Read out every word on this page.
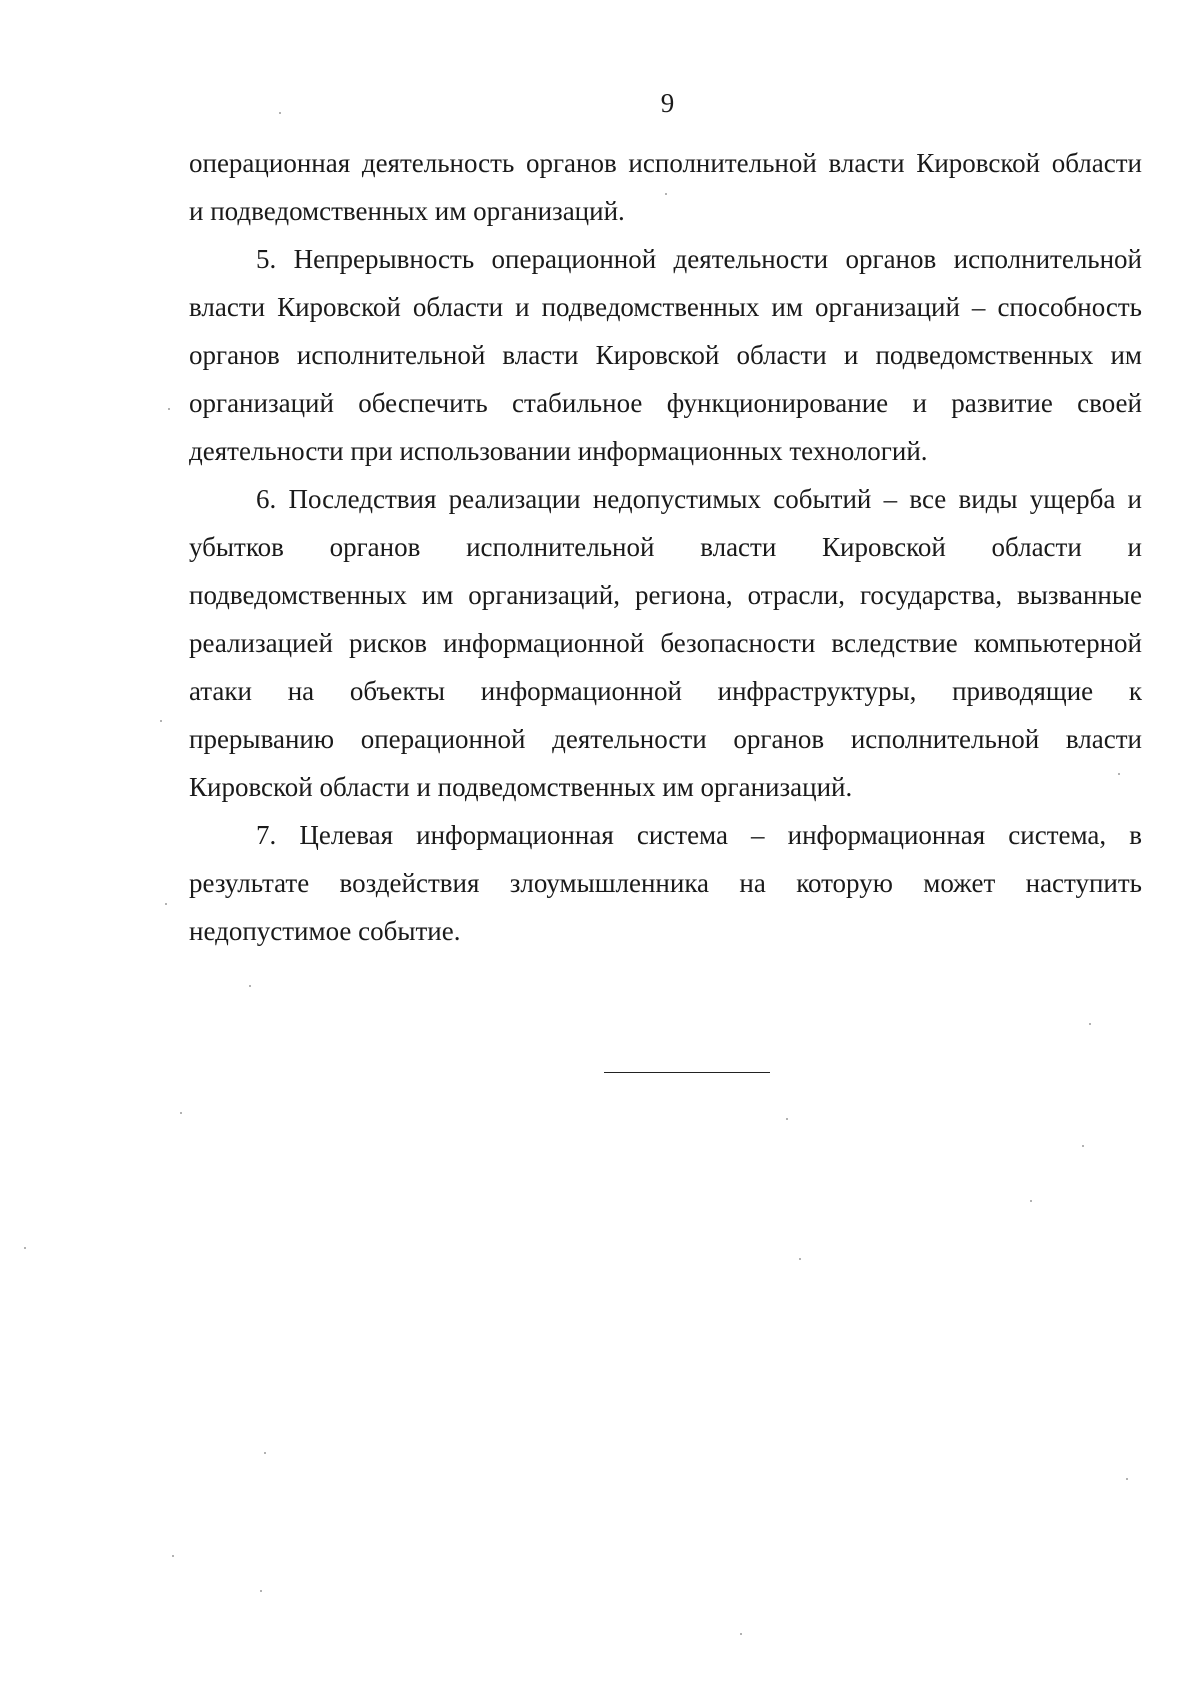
9

операционная деятельность органов исполнительной власти Кировской области
и подведомственных им организаций.

5. Непрерывность операционной деятельности органов исполнительной
власти Кировской области и подведомственных им организаций – способность
органов исполнительной власти Кировской области и подведомственных им
организаций обеспечить стабильное функционирование и развитие своей
деятельности при использовании информационных технологий.

6. Последствия реализации недопустимых событий – все виды ущерба и
убытков органов исполнительной власти Кировской области и
подведомственных им организаций, региона, отрасли, государства, вызванные
реализацией рисков информационной безопасности вследствие компьютерной
атаки на объекты информационной инфраструктуры, приводящие к
прерыванию операционной деятельности органов исполнительной власти
Кировской области и подведомственных им организаций.

7. Целевая информационная система – информационная система, в
результате воздействия злоумышленника на которую может наступить
недопустимое событие.
